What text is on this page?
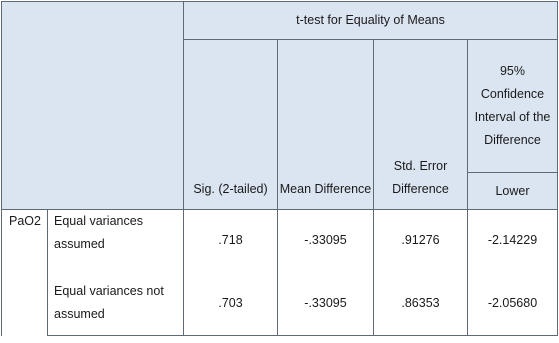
		t-test for Equality of Means			
		Sig. (2-tailed)	Mean Difference	Std. Error Difference	95% Confidence Interval of the Difference
					Lower
PaO2	Equal variances assumed	.718	-.33095	.91276	-2.14229
	Equal variances not assumed	.703	-.33095	.86353	-2.05680
